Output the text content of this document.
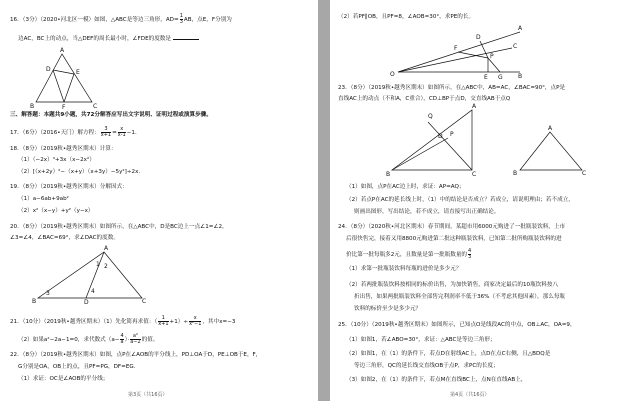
16．（3分）（2020•河北区一模）如图，△ABC是等边三角形，$AD= \frac{1}{3}$ AB，点E，F分别为
边AC，BC上的动点，当△DEF的周长最小时，∠FDE的度数是
A
D	E
B	F	C
三、解答题：本题共9小题，共72分解答应写出文字说明、证明过程或演算步骤。
17．（6分）（2016•天门）解方程： $\frac{3}{x+1} = \frac{x}{x-1} -1$.
18．（8分）（2019秋•越秀区期末）计算：
（1）（−2x）³+3x（x−2x²）
（2）[（x+2y）²−（x+y）（x+3y）−5y²]÷2x.
19．（8分）（2019秋•越秀区期末）分解因式：
（1）a−6ab+9ab²
（2）x²（x−y）+y²（y−x）
20．（8分）（2019秋•越秀区期末）如图所示，在△ABC中，D是BC边上一点∠1=∠2，
∠3=∠4，∠BAC=69°，求∠DAC的度数。
A
B	D	C
1 2
3	4
21．（10分）（2019秋•越秀区期末）（1）先化简再求值：（ $\frac{1}{x+1} +1)\div \frac{x}{\text{x²−1}}$ ，其中x=−3
（2）如果a²−2a−1=0，求代数式（$a- \frac{4}{a}$ ）· $\frac{\text{a²}}{a-2}$ 的值。
22．（8分）（2019秋•越秀区期末）如图，点P在∠AOB的平分线上，PD⊥OA于D，PE⊥OB于E，F，
G分别是OA，OB上的点，且PF=PG，DF=EG.
（1）求证：OC是∠AOB的平分线；
第3页（共16页）
（2）若PF∥OB，且PF=8，∠AOB=30°，求PE的长。
O
A
C
D
F
P
E G	B
23．（8分）（2019秋•越秀区期末）如图所示，在△ABC中，AB=AC，∠BAC=90°，点P是
直线AC上的动点（不和A，C重合），CD⊥BP于点D，交直线AB于点Q
Q
A
D P
B	C
A
B	C
（1）如图，点P在AC边上时，求证：AP=AQ；
（2）若点P在AC的延长线上时，（1）中的结论是否成立？若成立，请说明理由；若不成立，
则画出图形，写出结论，若不成立，请直接写出正确结论。
24．（8分）（2020秋•河北区期末）春节期间，某超市用6000元购进了一批瓶装饮料，上市
后很快售完，接着又用8800元购进第二批这种瓶装饮料，已知第二批所购瓶装饮料的进
价比第一批每瓶多2元，且数量是第一批瓶数量的 $\frac{4}{3}$
（1）求第一批瓶装饮料每瓶的进价是多少元？
（2）若两批瓶装饮料按相同的标价出售，为加快销售，商家决定最后的10瓶饮料按八
折出售，如果两批瓶装饮料全部售完利润率不低于36%（不考虑其他因素），那么每瓶
饮料的标价至少是多少元？
25．（10分）（2019秋•越秀区期末）如图所示，已知点O是线段AC的中点，OB⊥AC，OA=9，
（1）如图1，若∠ABO=30°，求证：△ABC是等边三角形；
（2）如图1，在（1）的条件下，若点D在射线AC上，点D在点C右侧，且△BDQ是
等边三角形，QC的延长线交直线OB于点P，求PC的长度；
（3）如图2，在（1）的条件下，若点M在直线BC上，点N在直线AB上，
第4页（共16页）
